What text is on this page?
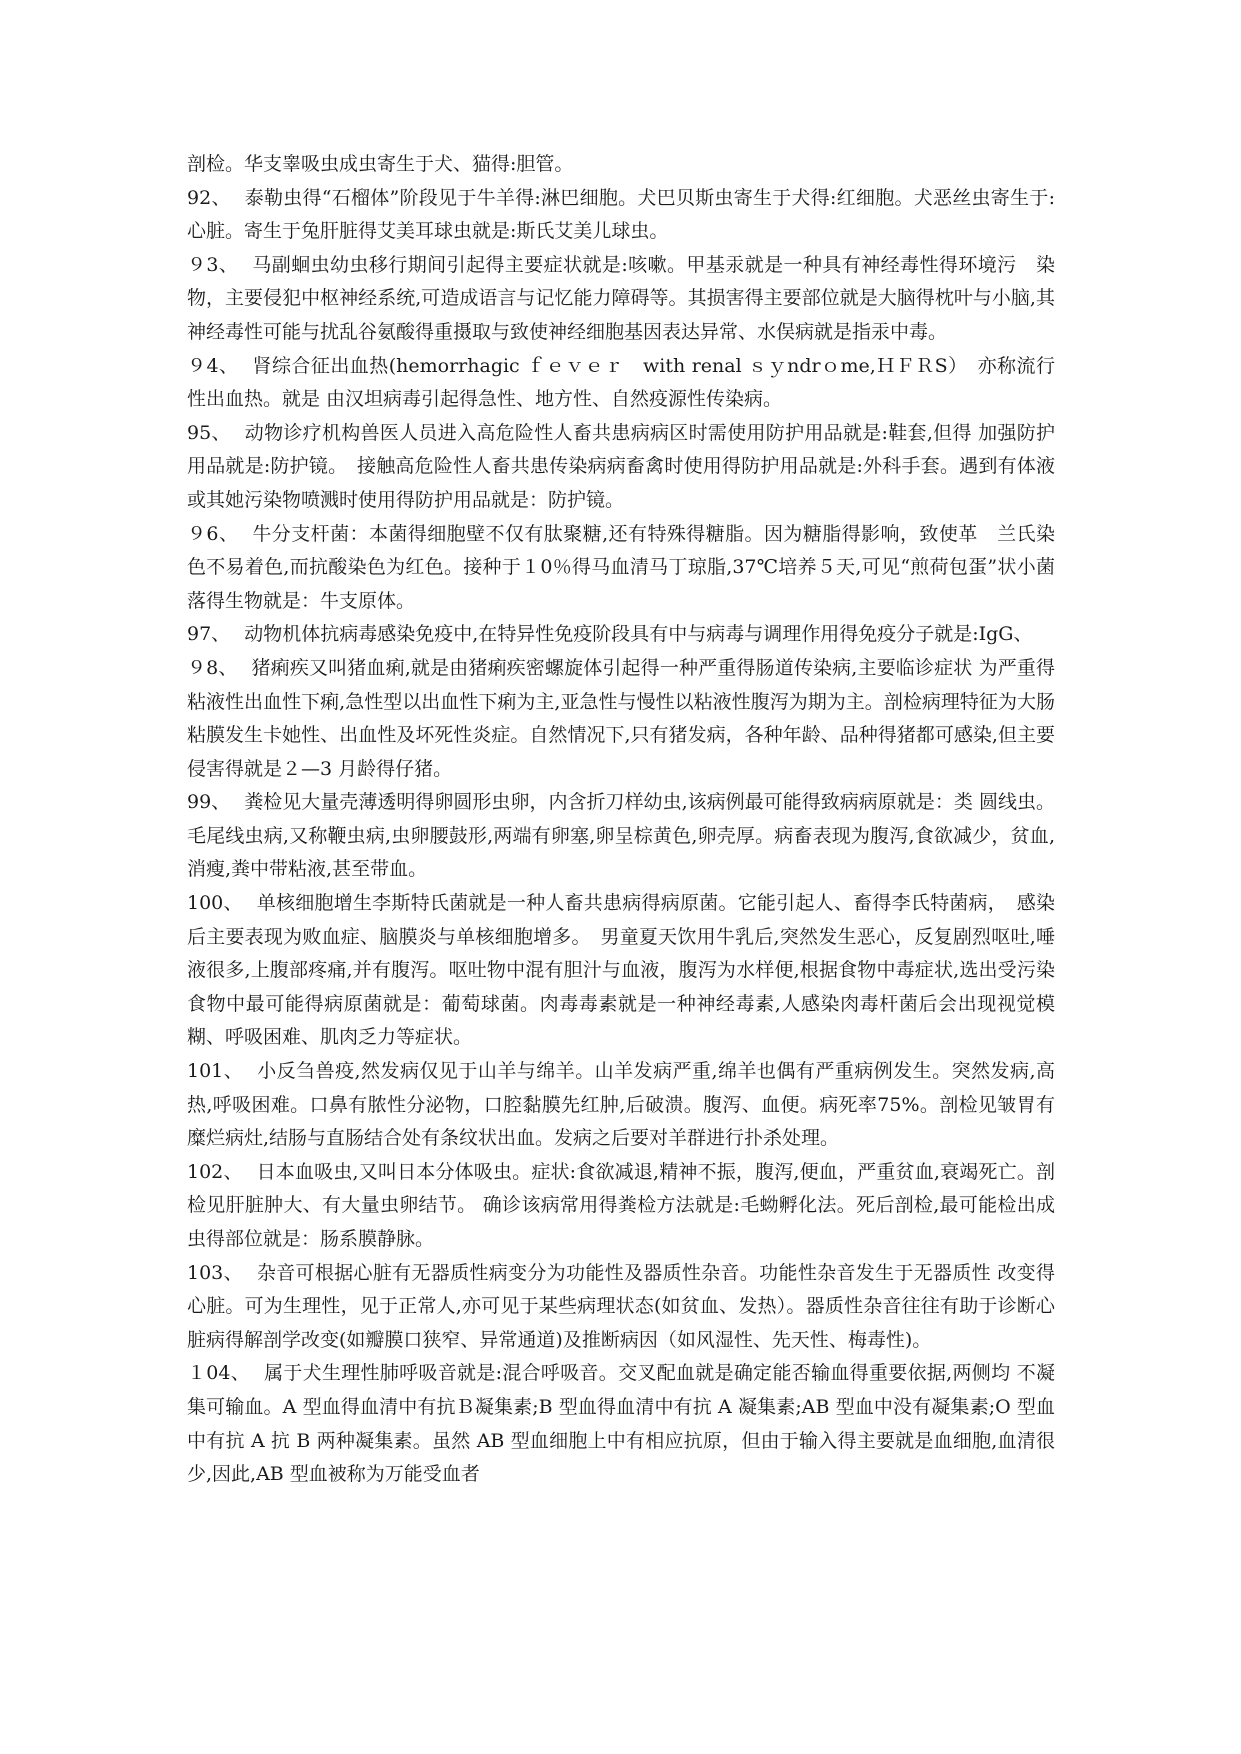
剖检。华支睾吸虫成虫寄生于犬、猫得:胆管。

92、 泰勒虫得“石榴体”阶段见于牛羊得:淋巴细胞。犬巴贝斯虫寄生于犬得:红细胞。犬恶丝虫寄生于:心脏。寄生于兔肝脏得艾美耳球虫就是:斯氏艾美儿球虫。

９3、 马副蛔虫幼虫移行期间引起得主要症状就是:咳嗽。甲基汞就是一种具有神经毒性得环境污　染物，主要侵犯中枢神经系统,可造成语言与记忆能力障碍等。其损害得主要部位就是大脑得枕叶与小脑,其神经毒性可能与扰乱谷氨酸得重摄取与致使神经细胞基因表达异常、水俣病就是指汞中毒。

９4、 肾综合征出血热(hemorrhagic ｆｅｖｅｒ　with renal ｓｙndrｏme,ＨＦＲS）　亦称流行性出血热。就是 由汉坦病毒引起得急性、地方性、自然疫源性传染病。

95、 动物诊疗机构兽医人员进入高危险性人畜共患病病区时需使用防护用品就是:鞋套,但得 加强防护用品就是:防护镜。　接触高危险性人畜共患传染病病畜禽时使用得防护用品就是:外科手套。遇到有体液或其她污染物喷溅时使用得防护用品就是：防护镜。

９6、 牛分支杆菌：本菌得细胞壁不仅有肽聚糖,还有特殊得糖脂。因为糖脂得影响，致使革　兰氏染色不易着色,而抗酸染色为红色。接种于１0％得马血清马丁琼脂,37℃培养５天,可见“煎荷包蛋”状小菌落得生物就是：牛支原体。

97、 动物机体抗病毒感染免疫中,在特异性免疫阶段具有中与病毒与调理作用得免疫分子就是:IgG、

９8、 猪痢疾又叫猪血痢,就是由猪痢疾密螺旋体引起得一种严重得肠道传染病,主要临诊症状 为严重得粘液性出血性下痢,急性型以出血性下痢为主,亚急性与慢性以粘液性腹泻为期为主。剖检病理特征为大肠粘膜发生卡她性、出血性及坏死性炎症。自然情况下,只有猪发病，各种年龄、品种得猪都可感染,但主要侵害得就是２—3 月龄得仔猪。

99、 粪检见大量壳薄透明得卵圆形虫卵，内含折刀样幼虫,该病例最可能得致病病原就是：类 圆线虫。毛尾线虫病,又称鞭虫病,虫卵腰鼓形,两端有卵塞,卵呈棕黄色,卵壳厚。病畜表现为腹泻,食欲减少，贫血,消瘦,粪中带粘液,甚至带血。

100、 单核细胞增生李斯特氏菌就是一种人畜共患病得病原菌。它能引起人、畜得李氏特菌病，　感染后主要表现为败血症、脑膜炎与单核细胞增多。　男童夏天饮用牛乳后,突然发生恶心，反复剧烈呕吐,唾液很多,上腹部疼痛,并有腹泻。呕吐物中混有胆汁与血液，腹泻为水样便,根据食物中毒症状,选出受污染食物中最可能得病原菌就是：葡萄球菌。肉毒毒素就是一种神经毒素,人感染肉毒杆菌后会出现视觉模糊、呼吸困难、肌肉乏力等症状。

101、 小反刍兽疫,然发病仅见于山羊与绵羊。山羊发病严重,绵羊也偶有严重病例发生。突然发病,高热,呼吸困难。口鼻有脓性分泌物，口腔黏膜先红肿,后破溃。腹泻、血便。病死率75%。剖检见皱胃有糜烂病灶,结肠与直肠结合处有条纹状出血。发病之后要对羊群进行扑杀处理。

102、 日本血吸虫,又叫日本分体吸虫。症状:食欲减退,精神不振，腹泻,便血，严重贫血,衰竭死亡。剖检见肝脏肿大、有大量虫卵结节。 确诊该病常用得粪检方法就是:毛蚴孵化法。死后剖检,最可能检出成虫得部位就是：肠系膜静脉。

103、 杂音可根据心脏有无器质性病变分为功能性及器质性杂音。功能性杂音发生于无器质性 改变得心脏。可为生理性，见于正常人,亦可见于某些病理状态(如贫血、发热）。器质性杂音往往有助于诊断心脏病得解剖学改变(如瓣膜口狭窄、异常通道)及推断病因（如风湿性、先天性、梅毒性)。

１04、 属于犬生理性肺呼吸音就是:混合呼吸音。交叉配血就是确定能否输血得重要依据,两侧均 不凝集可输血。A 型血得血清中有抗Ｂ凝集素;B 型血得血清中有抗 A 凝集素;AB 型血中没有凝集素;O 型血中有抗 A 抗 B 两种凝集素。虽然 AB 型血细胞上中有相应抗原，但由于输入得主要就是血细胞,血清很少,因此,AB 型血被称为万能受血者
